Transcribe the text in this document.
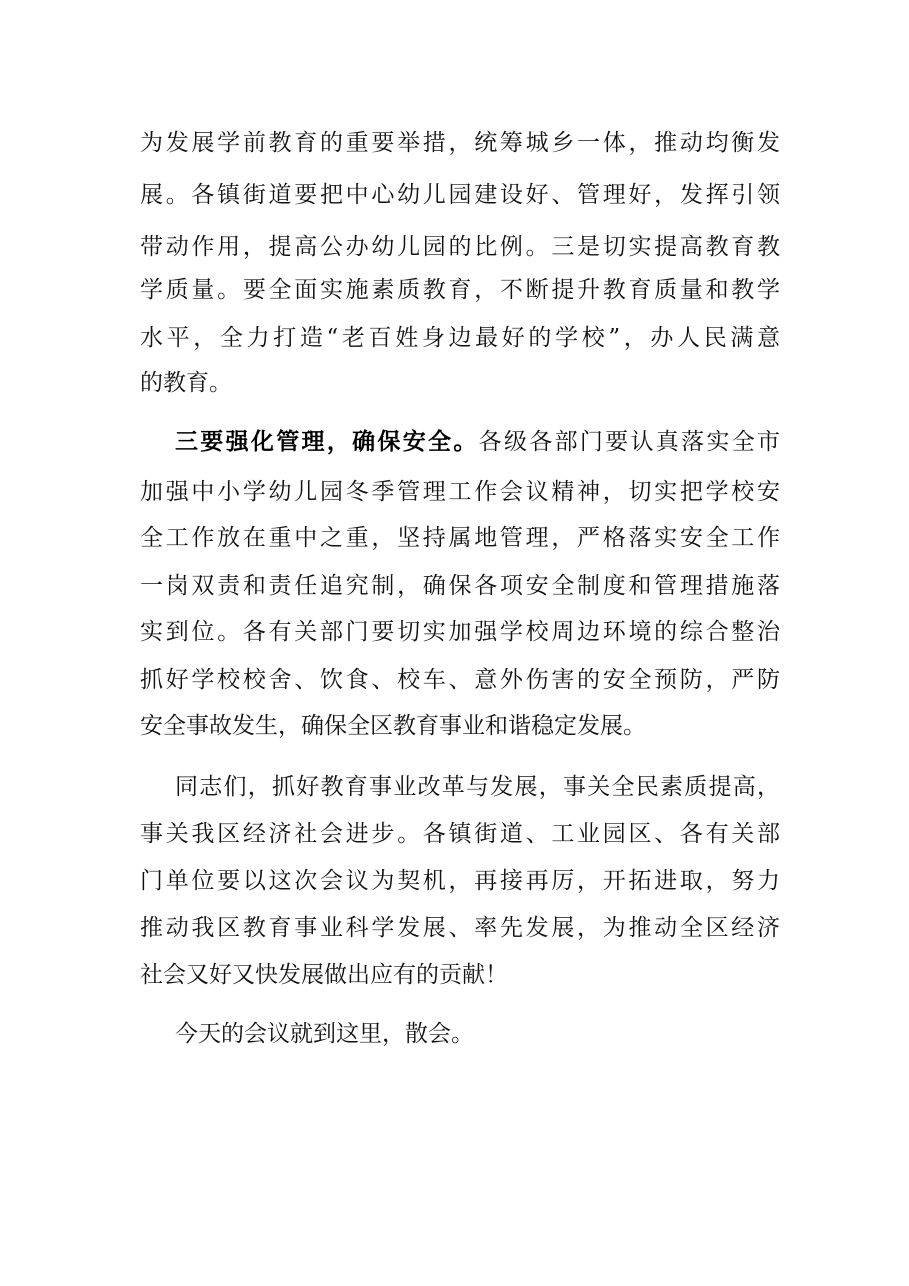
为发展学前教育的重要举措，统筹城乡一体，推动均衡发
展。各镇街道要把中心幼儿园建设好、管理好，发挥引领
带动作用，提高公办幼儿园的比例。三是切实提高教育教
学质量。要全面实施素质教育，不断提升教育质量和教学
水平，全力打造“老百姓身边最好的学校”，办人民满意
的教育。
三要强化管理，确保安全。各级各部门要认真落实全市
加强中小学幼儿园冬季管理工作会议精神，切实把学校安
全工作放在重中之重，坚持属地管理，严格落实安全工作
一岗双责和责任追究制，确保各项安全制度和管理措施落
实到位。各有关部门要切实加强学校周边环境的综合整治
抓好学校校舍、饮食、校车、意外伤害的安全预防，严防
安全事故发生，确保全区教育事业和谐稳定发展。
同志们，抓好教育事业改革与发展，事关全民素质提高，
事关我区经济社会进步。各镇街道、工业园区、各有关部
门单位要以这次会议为契机，再接再厉，开拓进取，努力
推动我区教育事业科学发展、率先发展，为推动全区经济
社会又好又快发展做出应有的贡献！
今天的会议就到这里，散会。
